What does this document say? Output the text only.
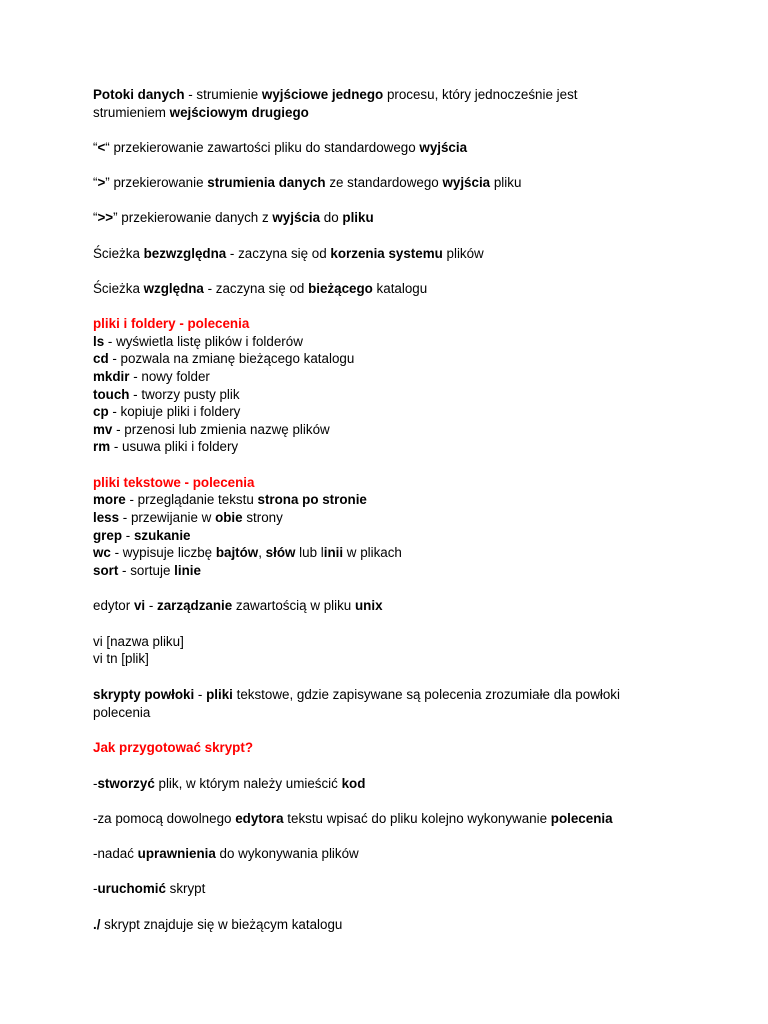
Potoki danych - strumienie wyjściowe jednego procesu, który jednocześnie jest

strumieniem wejściowym drugiego

“<“ przekierowanie zawartości pliku do standardowego wyjścia

“>” przekierowanie strumienia danych ze standardowego wyjścia pliku

“>>” przekierowanie danych z wyjścia do pliku

Ścieżka bezwzględna - zaczyna się od korzenia systemu plików

Ścieżka względna - zaczyna się od bieżącego katalogu

pliki i foldery - polecenia

ls - wyświetla listę plików i folderów

cd - pozwala na zmianę bieżącego katalogu

mkdir - nowy folder

touch - tworzy pusty plik

cp - kopiuje pliki i foldery

mv - przenosi lub zmienia nazwę plików

rm - usuwa pliki i foldery

pliki tekstowe - polecenia

more - przeglądanie tekstu strona po stronie

less - przewijanie w obie strony

grep - szukanie

wc - wypisuje liczbę bajtów, słów lub linii w plikach

sort - sortuje linie

edytor vi - zarządzanie zawartością w pliku unix

vi [nazwa pliku]

vi tn [plik]

skrypty powłoki - pliki tekstowe, gdzie zapisywane są polecenia zrozumiałe dla powłoki

polecenia

Jak przygotować skrypt?

-stworzyć plik, w którym należy umieścić kod

-za pomocą dowolnego edytora tekstu wpisać do pliku kolejno wykonywanie polecenia

-nadać uprawnienia do wykonywania plików

-uruchomić skrypt

./ skrypt znajduje się w bieżącym katalogu
